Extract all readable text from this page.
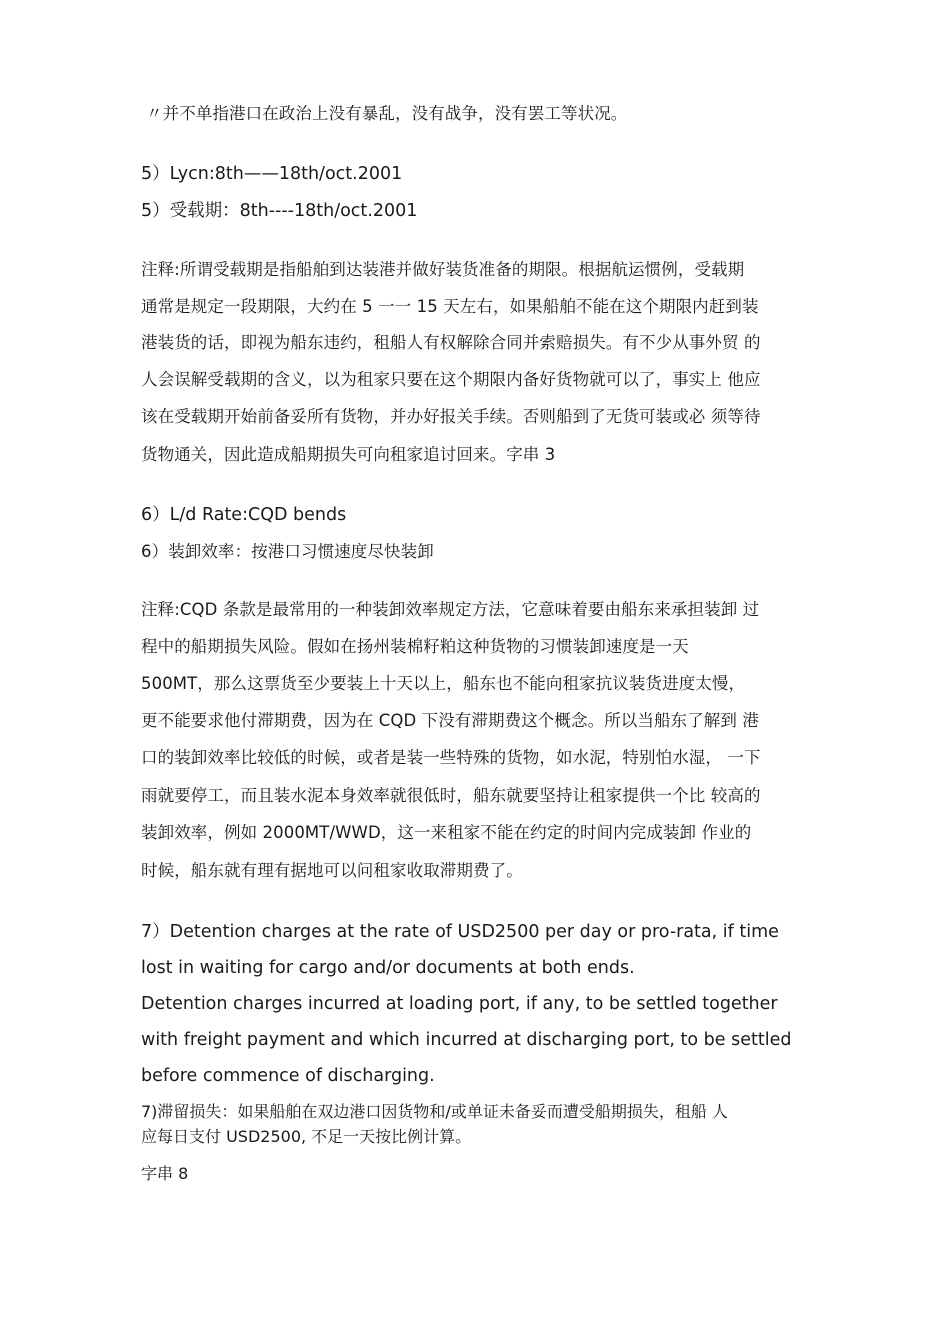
〃并不单指港口在政治上没有暴乱，没有战争，没有罢工等状况。
5）Lycn:8th——18th/oct.2001
5）受载期：8th----18th/oct.2001
注释:所谓受载期是指船舶到达装港并做好装货准备的期限。根据航运惯例，受载期
通常是规定一段期限，大约在 5 一一 15 天左右，如果船舶不能在这个期限内赶到装
港装货的话，即视为船东违约，租船人有权解除合同并索赔损失。有不少从事外贸 的
人会误解受载期的含义，以为租家只要在这个期限内备好货物就可以了，事实上 他应
该在受载期开始前备妥所有货物，并办好报关手续。否则船到了无货可装或必 须等待
货物通关，因此造成船期损失可向租家追讨回来。字串 3
6）L/d Rate:CQD bends
6）装卸效率：按港口习惯速度尽快装卸
注释:CQD 条款是最常用的一种装卸效率规定方法，它意味着要由船东来承担装卸 过
程中的船期损失风险。假如在扬州装棉籽粕这种货物的习惯装卸速度是一天
500MT，那么这票货至少要装上十天以上，船东也不能向租家抗议装货进度太慢，
更不能要求他付滞期费，因为在 CQD 下没有滞期费这个概念。所以当船东了解到 港
口的装卸效率比较低的时候，或者是装一些特殊的货物，如水泥，特别怕水湿， 一下
雨就要停工，而且装水泥本身效率就很低时，船东就要坚持让租家提供一个比 较高的
装卸效率，例如 2000MT/WWD，这一来租家不能在约定的时间内完成装卸 作业的
时候，船东就有理有据地可以问租家收取滞期费了。
7）Detention charges at the rate of USD2500 per day or pro-rata, if time
lost in waiting for cargo and/or documents at both ends.
Detention charges incurred at loading port, if any, to be settled together
with freight payment and which incurred at discharging port, to be settled
before commence of discharging.
7)滞留损失：如果船舶在双边港口因货物和/或单证未备妥而遭受船期损失，租船 人
应每日支付 USD2500, 不足一天按比例计算。
字串 8
